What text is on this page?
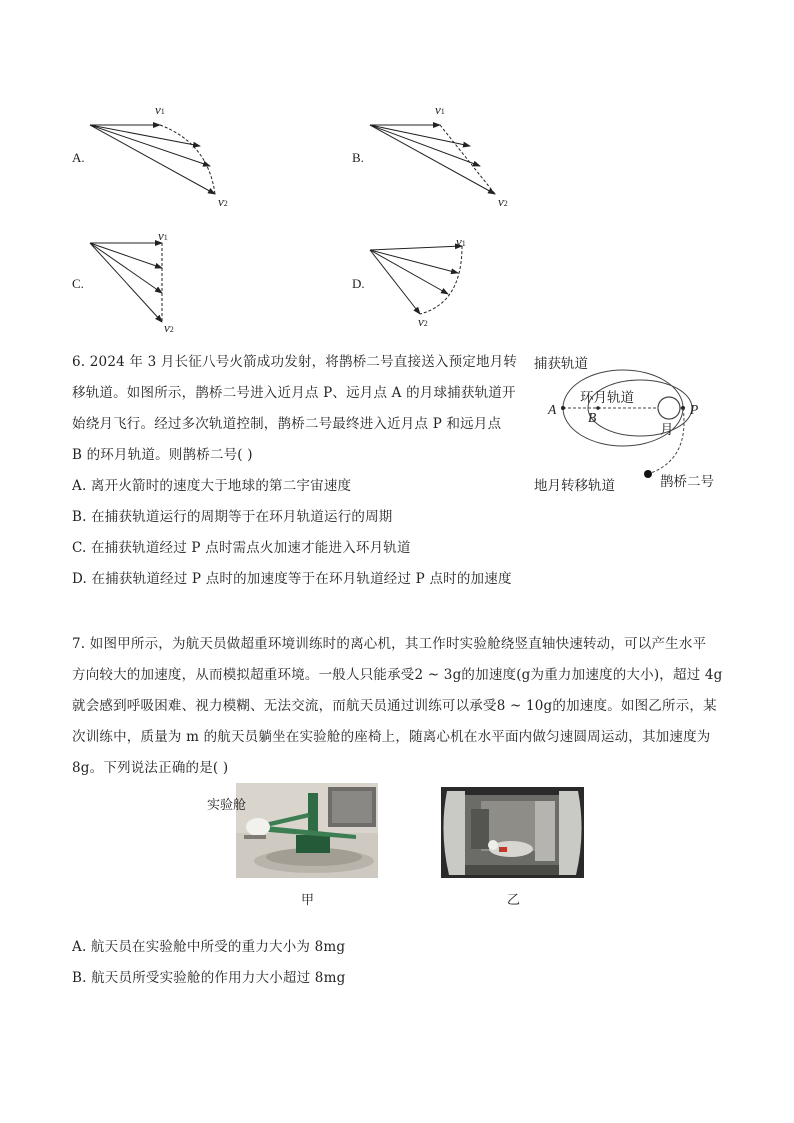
A.
v1
v2
B.
v1
v2
C.
v1
v2
D.
v1
v2
6. 2024 年 3 月长征八号火箭成功发射，将鹊桥二号直接送入预定地月转
移轨道。如图所示，鹊桥二号进入近月点 P、远月点 A 的月球捕获轨道开
始绕月飞行。经过多次轨道控制，鹊桥二号最终进入近月点 P 和远月点
B 的环月轨道。则鹊桥二号( )
A. 离开火箭时的速度大于地球的第二宇宙速度
B. 在捕获轨道运行的周期等于在环月轨道运行的周期
C. 在捕获轨道经过 P 点时需点火加速才能进入环月轨道
D. 在捕获轨道经过 P 点时的加速度等于在环月轨道经过 P 点时的加速度
捕获轨道
环月轨道
A
B
P
月
地月转移轨道	鹊桥二号
7. 如图甲所示，为航天员做超重环境训练时的离心机，其工作时实验舱绕竖直轴快速转动，可以产生水平
方向较大的加速度，从而模拟超重环境。一般人只能承受2 ~ 3g的加速度(g为重力加速度的大小)，超过 4g
就会感到呼吸困难、视力模糊、无法交流，而航天员通过训练可以承受8 ~ 10g的加速度。如图乙所示，某
次训练中，质量为 m 的航天员躺坐在实验舱的座椅上，随离心机在水平面内做匀速圆周运动，其加速度为
8g。下列说法正确的是( )
实验舱
甲	乙
A. 航天员在实验舱中所受的重力大小为 8mg
B. 航天员所受实验舱的作用力大小超过 8mg
